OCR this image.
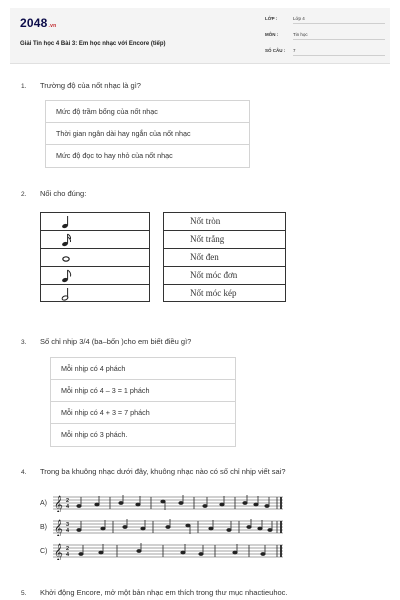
2048.vn
Giải Tin học 4 Bài 3: Em học nhạc với Encore (tiếp)
LỚP :	Lớp 4
MÔN :	Tin học
SỐ CÂU : 7
1. Trường độ của nốt nhạc là gì?
Mức độ trầm bổng của nốt nhạc
Thời gian ngân dài hay ngắn của nốt nhạc
Mức độ đọc to hay nhỏ của nốt nhạc
2. Nối cho đúng:
Nốt tròn
Nốt trắng
Nốt đen
Nốt móc đơn
Nốt móc kép
3. Số chỉ nhịp 3/4 (ba–bốn )cho em biết điều gì?
Mỗi nhịp có 4 phách
Mỗi nhịp có 4 – 3 = 1 phách
Mỗi nhịp có 4 + 3 = 7 phách
Mỗi nhịp có 3 phách.
4. Trong ba khuông nhạc dưới đây, khuông nhạc nào có số chỉ nhịp viết sai?
A) 𝄞 2
4
B) 𝄞 3
4
C) 𝄞 2
4
5. Khởi động Encore, mở một bản nhạc em thích trong thư mục nhactieuhoc.
